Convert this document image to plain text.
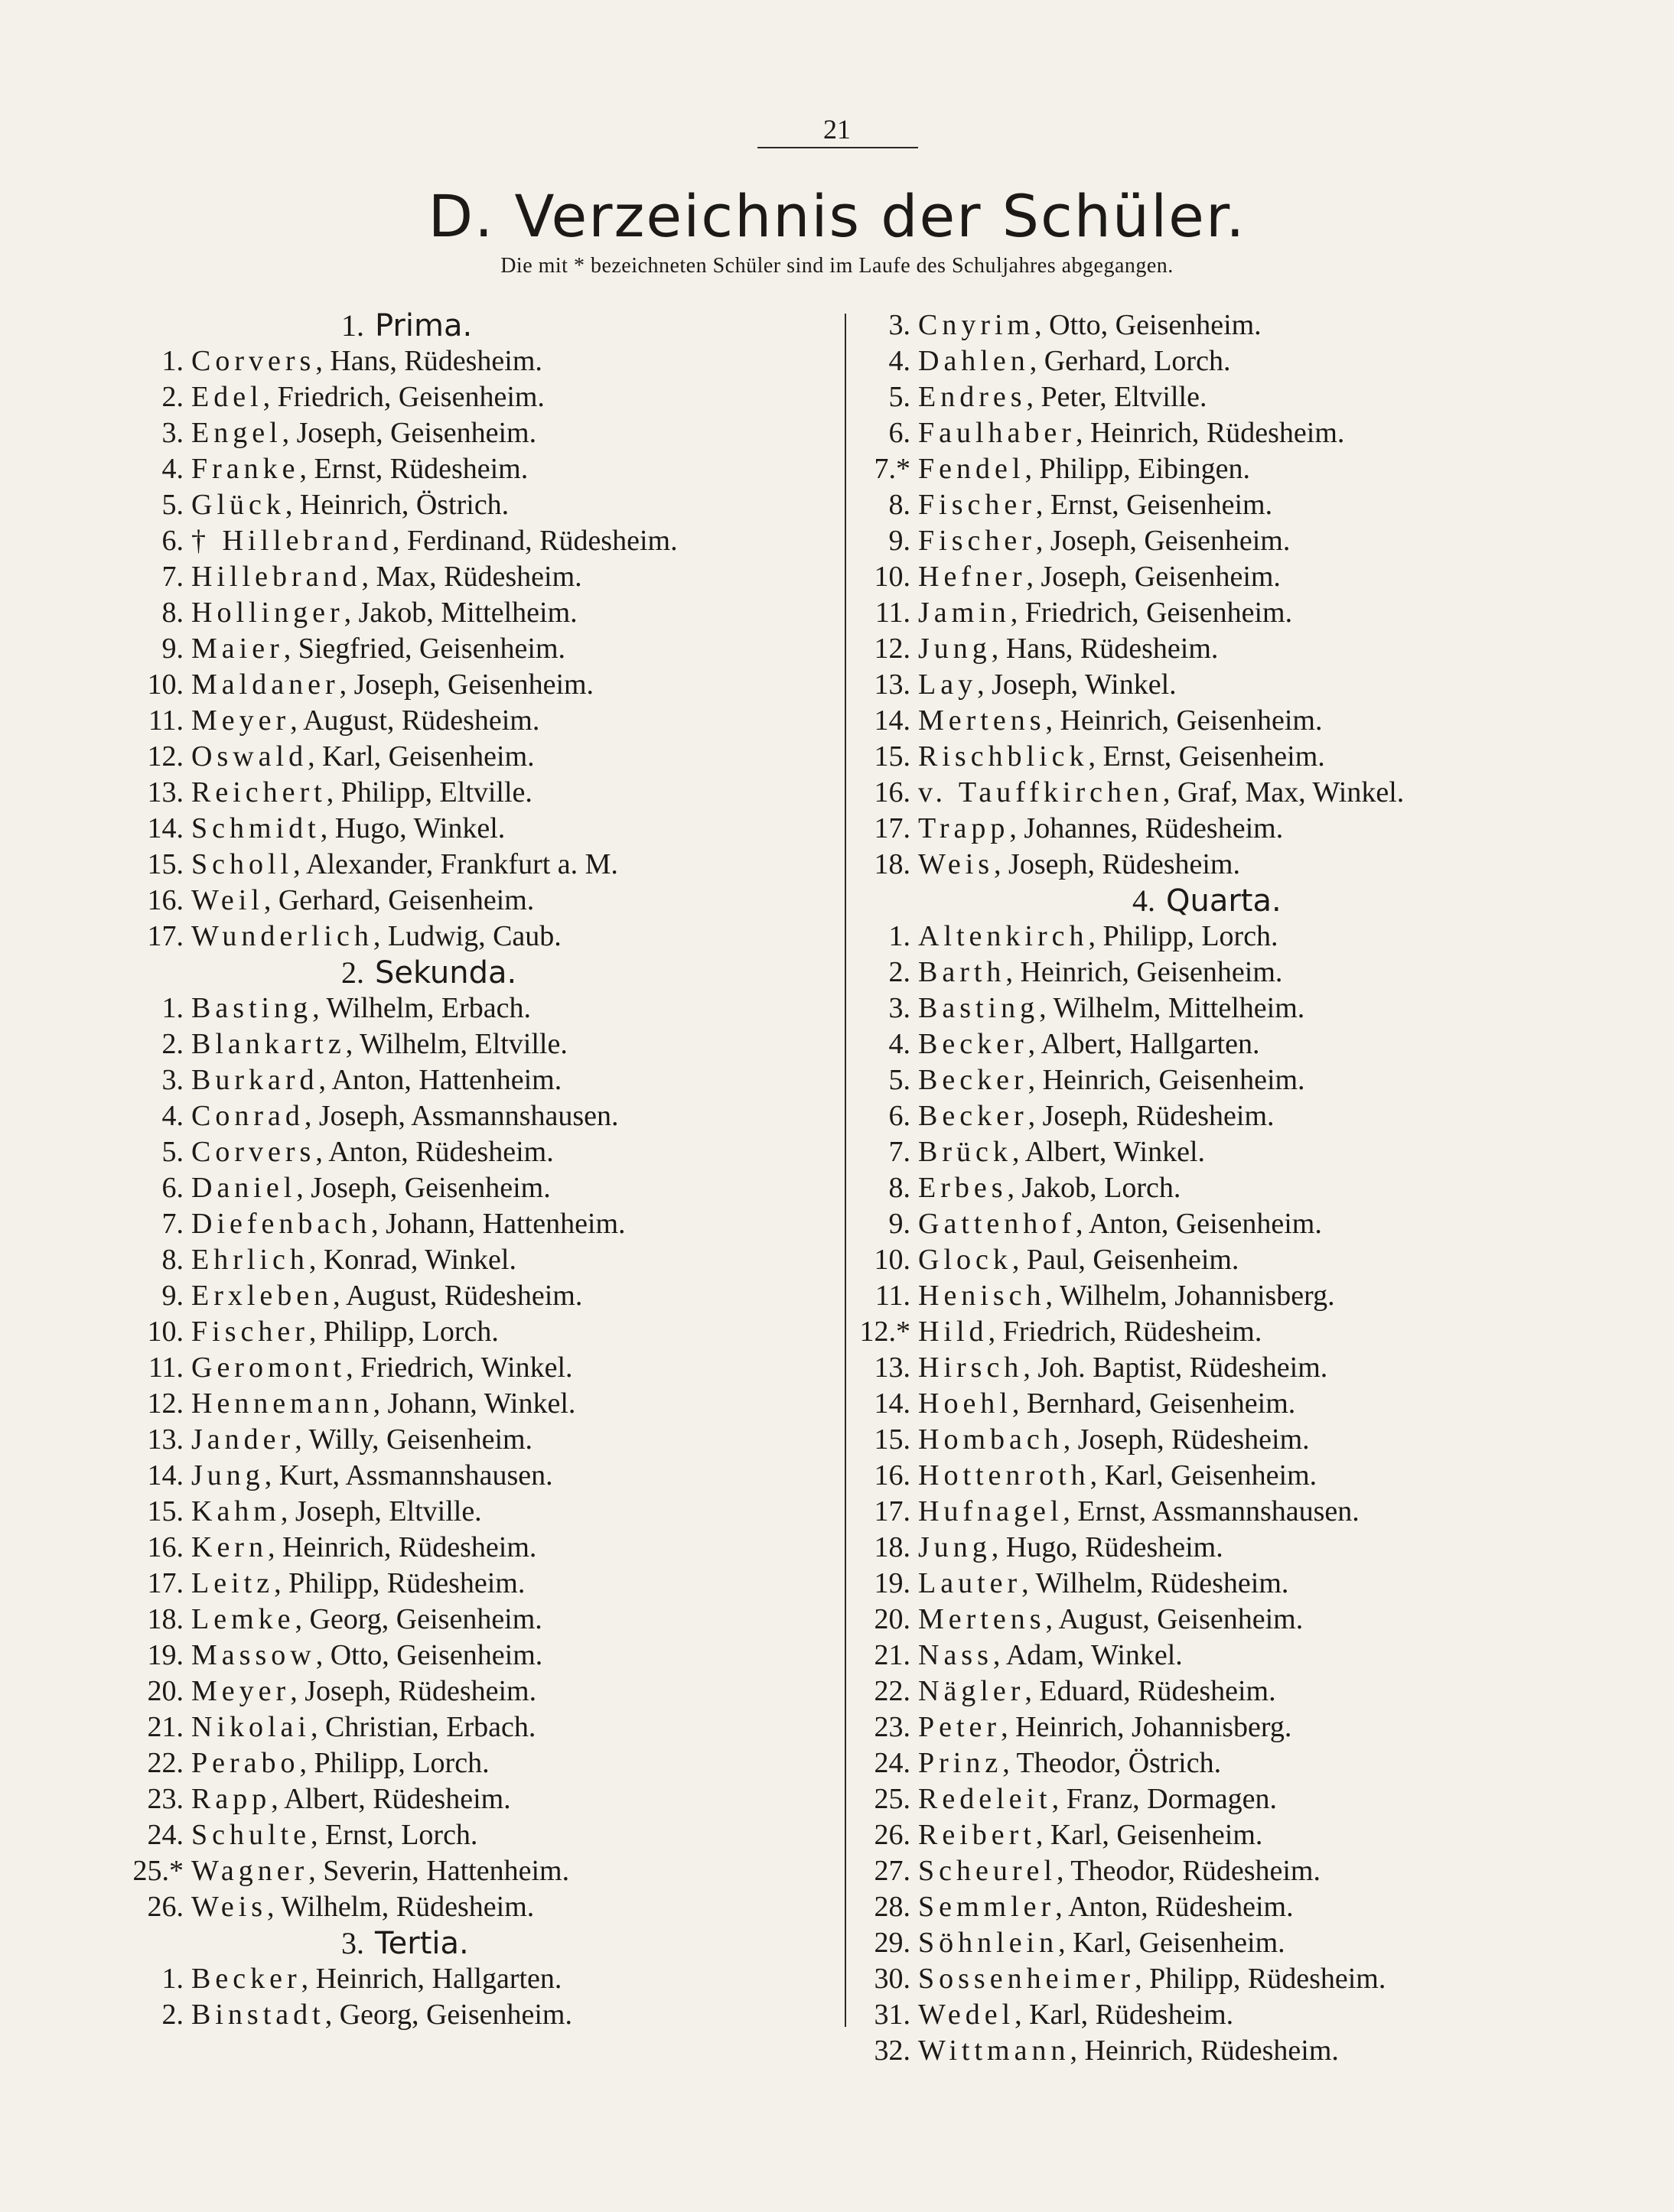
21
D. Verzeichnis der Schüler.
Die mit * bezeichneten Schüler sind im Laufe des Schuljahres abgegangen.
1. Prima.
1. Corvers, Hans, Rüdesheim.
2. Edel, Friedrich, Geisenheim.
3. Engel, Joseph, Geisenheim.
4. Franke, Ernst, Rüdesheim.
5. Glück, Heinrich, Östrich.
6. † Hillebrand, Ferdinand, Rüdesheim.
7. Hillebrand, Max, Rüdesheim.
8. Hollinger, Jakob, Mittelheim.
9. Maier, Siegfried, Geisenheim.
10. Maldaner, Joseph, Geisenheim.
11. Meyer, August, Rüdesheim.
12. Oswald, Karl, Geisenheim.
13. Reichert, Philipp, Eltville.
14. Schmidt, Hugo, Winkel.
15. Scholl, Alexander, Frankfurt a. M.
16. Weil, Gerhard, Geisenheim.
17. Wunderlich, Ludwig, Caub.
2. Sekunda.
1. Basting, Wilhelm, Erbach.
2. Blankartz, Wilhelm, Eltville.
3. Burkard, Anton, Hattenheim.
4. Conrad, Joseph, Assmannshausen.
5. Corvers, Anton, Rüdesheim.
6. Daniel, Joseph, Geisenheim.
7. Diefenbach, Johann, Hattenheim.
8. Ehrlich, Konrad, Winkel.
9. Erxleben, August, Rüdesheim.
10. Fischer, Philipp, Lorch.
11. Geromont, Friedrich, Winkel.
12. Hennemann, Johann, Winkel.
13. Jander, Willy, Geisenheim.
14. Jung, Kurt, Assmannshausen.
15. Kahm, Joseph, Eltville.
16. Kern, Heinrich, Rüdesheim.
17. Leitz, Philipp, Rüdesheim.
18. Lemke, Georg, Geisenheim.
19. Massow, Otto, Geisenheim.
20. Meyer, Joseph, Rüdesheim.
21. Nikolai, Christian, Erbach.
22. Perabo, Philipp, Lorch.
23. Rapp, Albert, Rüdesheim.
24. Schulte, Ernst, Lorch.
25.* Wagner, Severin, Hattenheim.
26. Weis, Wilhelm, Rüdesheim.
3. Tertia.
1. Becker, Heinrich, Hallgarten.
2. Binstadt, Georg, Geisenheim.
3. Cnyrim, Otto, Geisenheim.
4. Dahlen, Gerhard, Lorch.
5. Endres, Peter, Eltville.
6. Faulhaber, Heinrich, Rüdesheim.
7.* Fendel, Philipp, Eibingen.
8. Fischer, Ernst, Geisenheim.
9. Fischer, Joseph, Geisenheim.
10. Hefner, Joseph, Geisenheim.
11. Jamin, Friedrich, Geisenheim.
12. Jung, Hans, Rüdesheim.
13. Lay, Joseph, Winkel.
14. Mertens, Heinrich, Geisenheim.
15. Rischblick, Ernst, Geisenheim.
16. v. Tauffkirchen, Graf, Max, Winkel.
17. Trapp, Johannes, Rüdesheim.
18. Weis, Joseph, Rüdesheim.
4. Quarta.
1. Altenkirch, Philipp, Lorch.
2. Barth, Heinrich, Geisenheim.
3. Basting, Wilhelm, Mittelheim.
4. Becker, Albert, Hallgarten.
5. Becker, Heinrich, Geisenheim.
6. Becker, Joseph, Rüdesheim.
7. Brück, Albert, Winkel.
8. Erbes, Jakob, Lorch.
9. Gattenhof, Anton, Geisenheim.
10. Glock, Paul, Geisenheim.
11. Henisch, Wilhelm, Johannisberg.
12.* Hild, Friedrich, Rüdesheim.
13. Hirsch, Joh. Baptist, Rüdesheim.
14. Hoehl, Bernhard, Geisenheim.
15. Hombach, Joseph, Rüdesheim.
16. Hottenroth, Karl, Geisenheim.
17. Hufnagel, Ernst, Assmannshausen.
18. Jung, Hugo, Rüdesheim.
19. Lauter, Wilhelm, Rüdesheim.
20. Mertens, August, Geisenheim.
21. Nass, Adam, Winkel.
22. Nägler, Eduard, Rüdesheim.
23. Peter, Heinrich, Johannisberg.
24. Prinz, Theodor, Östrich.
25. Redeleit, Franz, Dormagen.
26. Reibert, Karl, Geisenheim.
27. Scheurel, Theodor, Rüdesheim.
28. Semmler, Anton, Rüdesheim.
29. Söhnlein, Karl, Geisenheim.
30. Sossenheimer, Philipp, Rüdesheim.
31. Wedel, Karl, Rüdesheim.
32. Wittmann, Heinrich, Rüdesheim.
